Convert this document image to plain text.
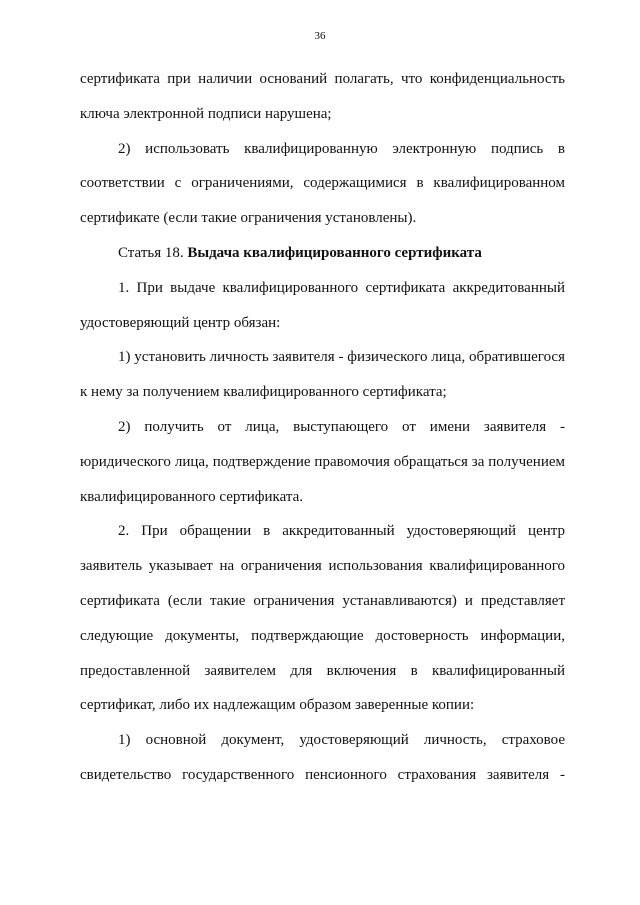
36

сертификата при наличии оснований полагать, что конфиденциальность ключа электронной подписи нарушена;

2) использовать квалифицированную электронную подпись в соответствии с ограничениями, содержащимися в квалифицированном сертификате (если такие ограничения установлены).

Статья 18. Выдача квалифицированного сертификата

1. При выдаче квалифицированного сертификата аккредитованный удостоверяющий центр обязан:

1) установить личность заявителя - физического лица, обратившегося к нему за получением квалифицированного сертификата;

2) получить от лица, выступающего от имени заявителя - юридического лица, подтверждение правомочия обращаться за получением квалифицированного сертификата.

2. При обращении в аккредитованный удостоверяющий центр заявитель указывает на ограничения использования квалифицированного сертификата (если такие ограничения устанавливаются) и представляет следующие документы, подтверждающие достоверность информации, предоставленной заявителем для включения в квалифицированный сертификат, либо их надлежащим образом заверенные копии:

1) основной документ, удостоверяющий личность, страховое свидетельство государственного пенсионного страхования заявителя -
